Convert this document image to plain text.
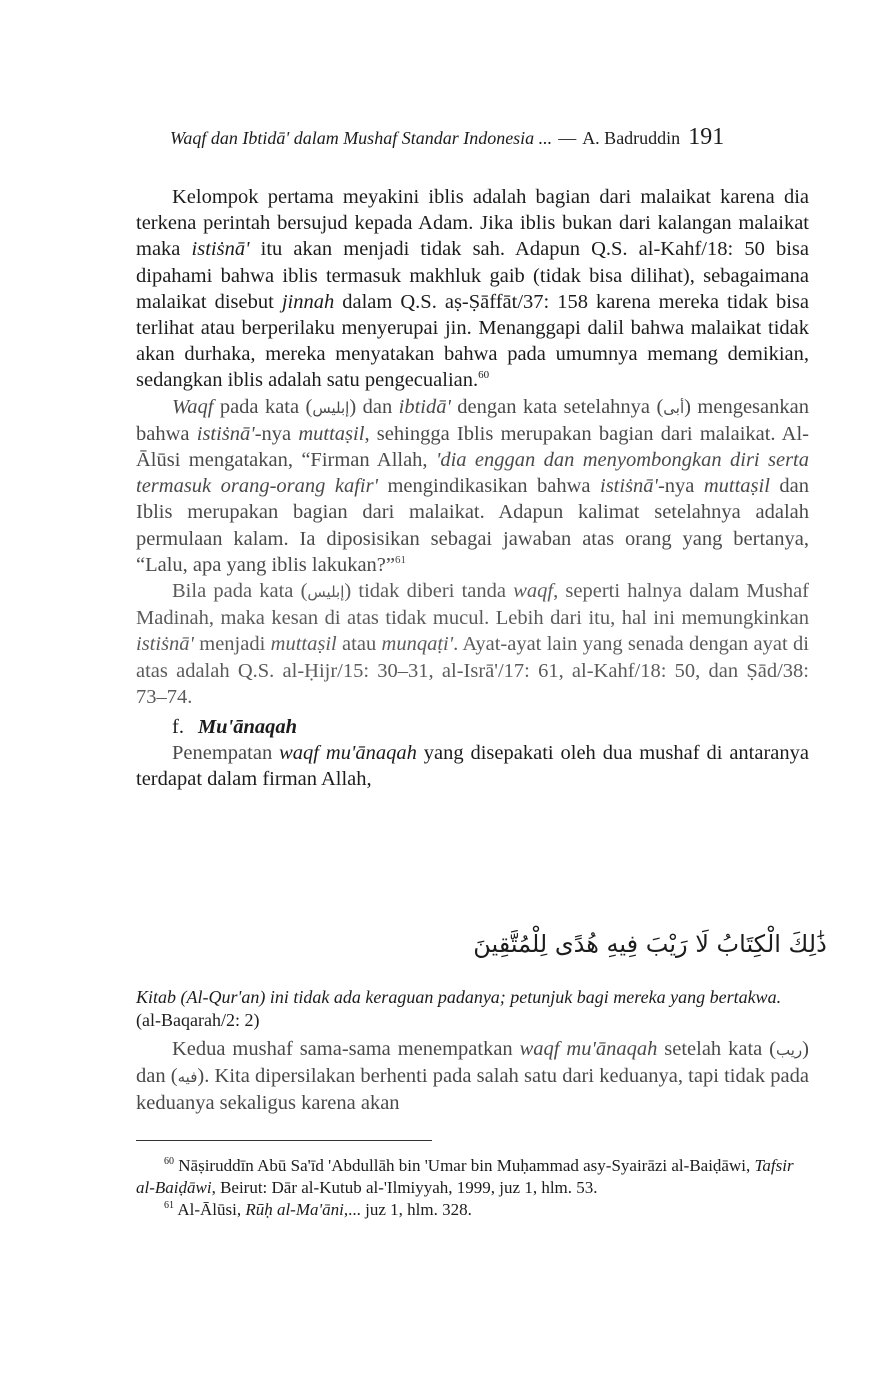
Waqf dan Ibtidā' dalam Mushaf Standar Indonesia ... — A. Badruddin 191

Kelompok pertama meyakini iblis adalah bagian dari malaikat karena dia terkena perintah bersujud kepada Adam. Jika iblis bukan dari kalangan malaikat maka istiṡnā' itu akan menjadi tidak sah. Adapun Q.S. al-Kahf/18: 50 bisa dipahami bahwa iblis termasuk makhluk gaib (tidak bisa dilihat), sebagaimana malaikat disebut jinnah dalam Q.S. aṣ-Ṣāffāt/37: 158 karena mereka tidak bisa terlihat atau berperilaku menyerupai jin. Menanggapi dalil bahwa malaikat tidak akan durhaka, mereka menyatakan bahwa pada umumnya memang demikian, sedangkan iblis adalah satu pengecualian.$^{60}$

Waqf pada kata (إبليس) dan ibtidā' dengan kata setelahnya (أبى) mengesankan bahwa istiṡnā'-nya muttaṣil, sehingga Iblis merupakan bagian dari malaikat. Al-Ālūsi mengatakan, “Firman Allah, 'dia enggan dan menyombongkan diri serta termasuk orang-orang kafir' mengindikasikan bahwa istiṡnā'-nya muttaṣil dan Iblis merupakan bagian dari malaikat. Adapun kalimat setelahnya adalah permulaan kalam. Ia diposisikan sebagai jawaban atas orang yang bertanya, “Lalu, apa yang iblis lakukan?”$^{61}$

Bila pada kata (إبليس) tidak diberi tanda waqf, seperti halnya dalam Mushaf Madinah, maka kesan di atas tidak mucul. Lebih dari itu, hal ini memungkinkan istiṡnā' menjadi muttaṣil atau munqaṭi'. Ayat-ayat lain yang senada dengan ayat di atas adalah Q.S. al-Ḥijr/15: 30–31, al-Isrā'/17: 61, al-Kahf/18: 50, dan Ṣād/38: 73–74.

f. Mu'ānaqah

Penempatan waqf mu'ānaqah yang disepakati oleh dua mushaf di antaranya terdapat dalam firman Allah,

ذَٰلِكَ الْكِتَابُ لَا رَيْبَ فِيهِ هُدًى لِلْمُتَّقِينَ
Kitab (Al-Qur'an) ini tidak ada keraguan padanya; petunjuk bagi mereka yang bertakwa. (al-Baqarah/2: 2)

Kedua mushaf sama-sama menempatkan waqf mu'ānaqah setelah kata (ريب) dan (فيه). Kita dipersilakan berhenti pada salah satu dari keduanya, tapi tidak pada keduanya sekaligus karena akan

$^{60}$ Nāṣiruddīn Abū Sa'īd 'Abdullāh bin 'Umar bin Muḥammad asy-Syairāzi al-Baiḍāwi, Tafsir al-Baiḍāwi, Beirut: Dār al-Kutub al-'Ilmiyyah, 1999, juz 1, hlm. 53.

$^{61}$ Al-Ālūsi, Rūḥ al-Ma'āni,... juz 1, hlm. 328.
